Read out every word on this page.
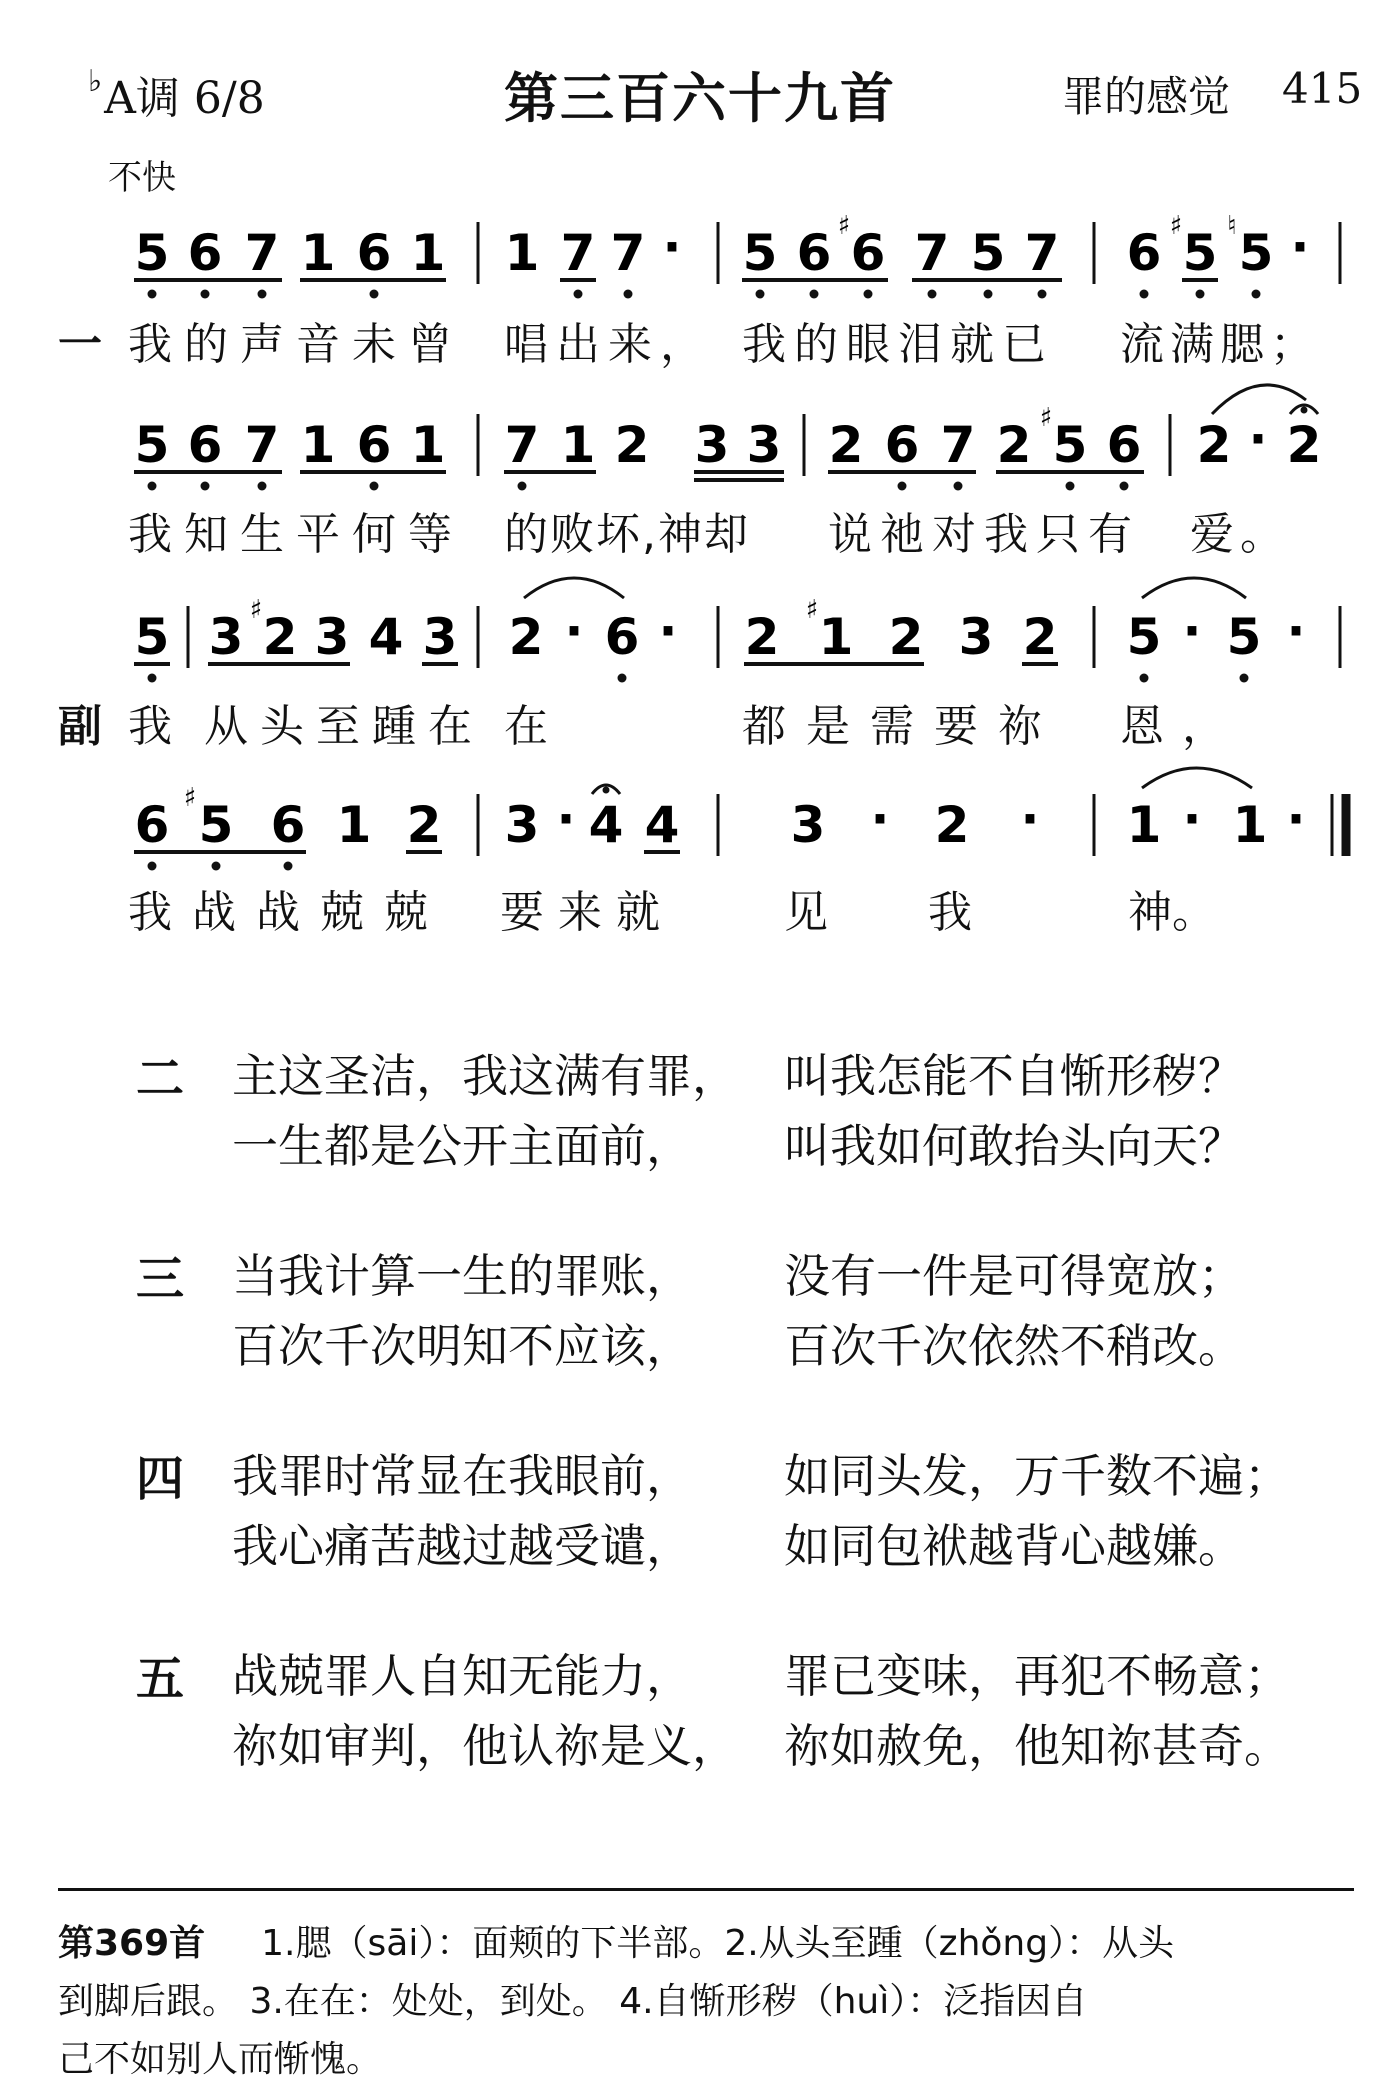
♭A调 6/8	第三百六十九首	罪的感觉 415
不快
5 6 7 1 6 1 1 7 7 · 5 6 ♯ 6 7 5 7 6 ♯ 5 ♮ 5 ·
5 6 7 1 6 1 7 1 2 3 3 2 6 7 2 ♯ 5 6 2 · 2
5 3 ♯ 2 3 4 3 2 · 6 · 2 ♯ 1 2 3 2 5 · 5 ·
6 ♯ 5 6 1 2 3 · 4 4 3 · 2 · 1 · 1 ·
一 我的声音未曾 唱出来， 我的眼泪就已 流满腮；
我知生平何等 的败坏,神却 说祂对我只有 爱。
副 我 从头至踵在 在	都是需要祢 恩，
我战战兢兢 要来就	见 我	神。
二 主这圣洁，我这满有罪， 叫我怎能不自惭形秽？
一生都是公开主面前， 叫我如何敢抬头向天？
三 当我计算一生的罪账， 没有一件是可得宽放；
百次千次明知不应该， 百次千次依然不稍改。
四 我罪时常显在我眼前， 如同头发，万千数不遍；
我心痛苦越过越受谴， 如同包袱越背心越嫌。
五 战兢罪人自知无能力， 罪已变味，再犯不畅意；
祢如审判，他认祢是义， 祢如赦免，他知祢甚奇。
第369首 1.腮（sāi）：面颊的下半部。2.从头至踵（zhǒng）：从头
到脚后跟。 3.在在：处处，到处。 4.自惭形秽（huì）：泛指因自
己不如别人而惭愧。
